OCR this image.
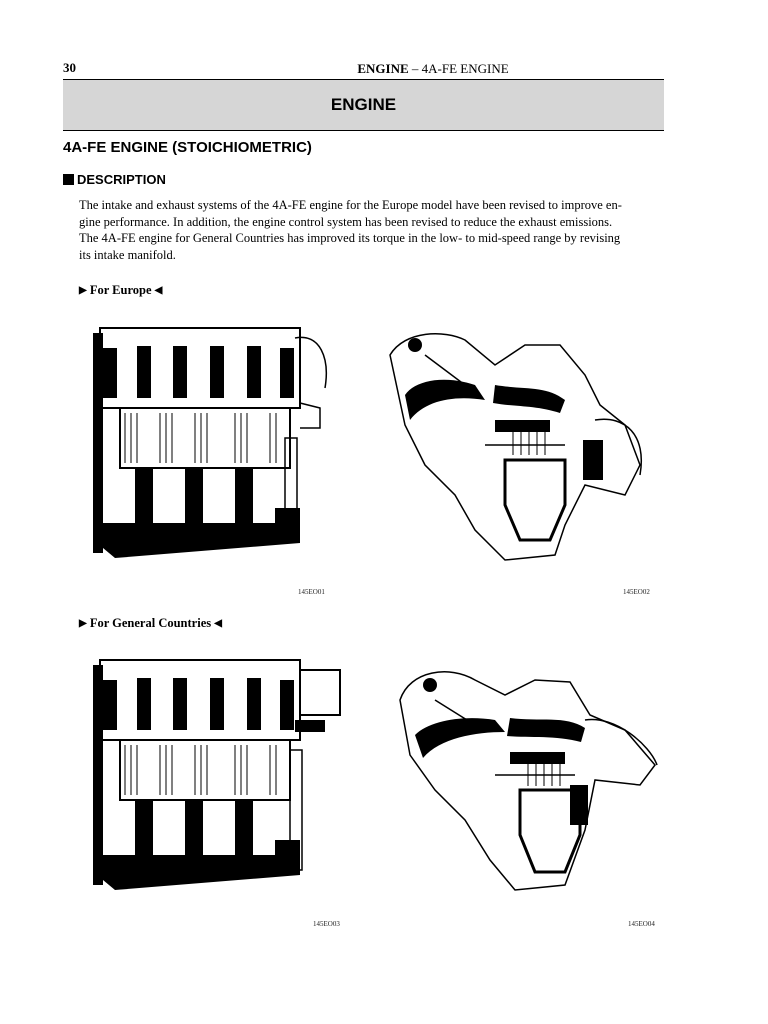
30	ENGINE – 4A-FE ENGINE
ENGINE
4A-FE ENGINE (STOICHIOMETRIC)
DESCRIPTION

The intake and exhaust systems of the 4A-FE engine for the Europe model have been revised to improve en-

gine performance. In addition, the engine control system has been revised to reduce the exhaust emissions.

The 4A-FE engine for General Countries has improved its torque in the low- to mid-speed range by revising

its intake manifold.

▶
For Europe
◀
145EO01	145EO02
▶
For General Countries
◀
145EO03	145EO04
